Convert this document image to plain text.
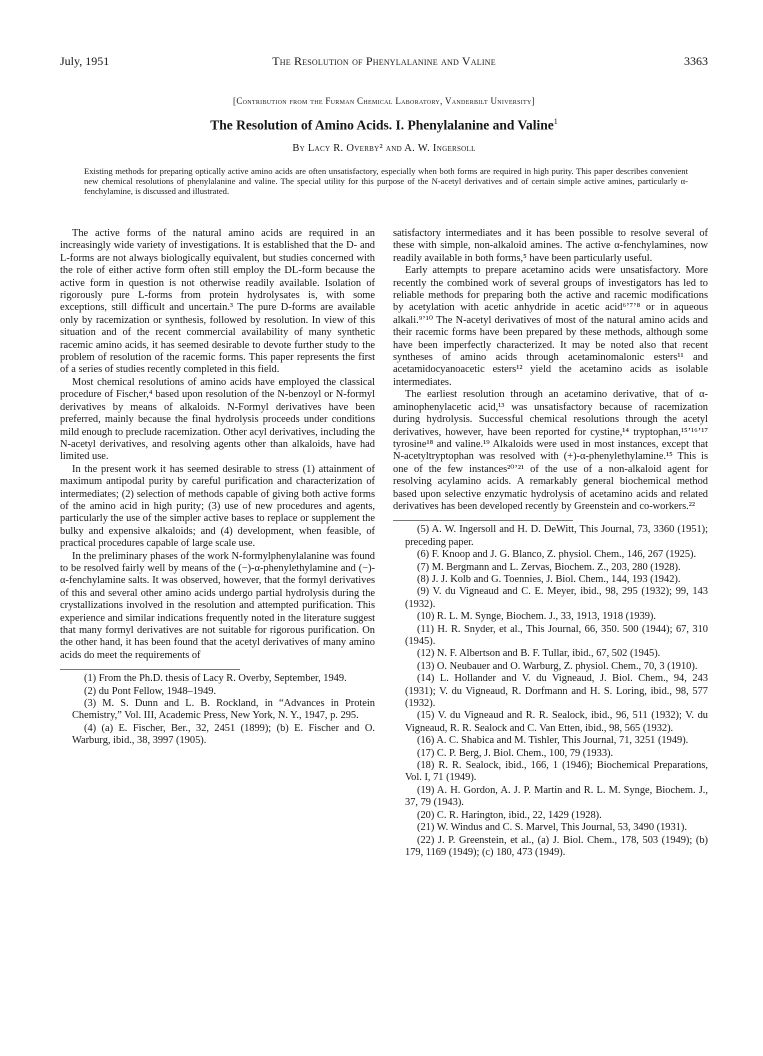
July, 1951	The Resolution of Phenylalanine and Valine	3363
[Contribution from the Furman Chemical Laboratory, Vanderbilt University]
The Resolution of Amino Acids. I. Phenylalanine and Valine$^1$
By Lacy R. Overby² and A. W. Ingersoll
Existing methods for preparing optically active amino acids are often unsatisfactory, especially when both forms are required in high purity. This paper describes convenient new chemical resolutions of phenylalanine and valine. The special utility for this purpose of the N-acetyl derivatives and of certain simple active amines, particularly α-fenchylamine, is discussed and illustrated.

The active forms of the natural amino acids are required in an increasingly wide variety of investigations. It is established that the D- and L-forms are not always biologically equivalent, but studies concerned with the role of either active form often still employ the DL-form because the active form in question is not otherwise readily available. Isolation of rigorously pure L-forms from protein hydrolysates is, with some exceptions, still difficult and uncertain.³ The pure D-forms are available only by racemization or synthesis, followed by resolution. In view of this situation and of the recent commercial availability of many synthetic racemic amino acids, it has seemed desirable to devote further study to the problem of resolution of the racemic forms. This paper represents the first of a series of studies recently completed in this field.

Most chemical resolutions of amino acids have employed the classical procedure of Fischer,⁴ based upon resolution of the N-benzoyl or N-formyl derivatives by means of alkaloids. N-Formyl derivatives have been preferred, mainly because the final hydrolysis proceeds under conditions mild enough to preclude racemization. Other acyl derivatives, including the N-acetyl derivatives, and resolving agents other than alkaloids, have had limited use.

In the present work it has seemed desirable to stress (1) attainment of maximum antipodal purity by careful purification and characterization of intermediates; (2) selection of methods capable of giving both active forms of the amino acid in high purity; (3) use of new procedures and agents, particularly the use of the simpler active bases to replace or supplement the bulky and expensive alkaloids; and (4) development, when feasible, of practical procedures capable of large scale use.

In the preliminary phases of the work N-formylphenylalanine was found to be resolved fairly well by means of the (−)-α-phenylethylamine and (−)-α-fenchylamine salts. It was observed, however, that the formyl derivatives of this and several other amino acids undergo partial hydrolysis during the crystallizations involved in the resolution and attempted purification. This experience and similar indications frequently noted in the literature suggest that many formyl derivatives are not suitable for rigorous purification. On the other hand, it has been found that the acetyl derivatives of many amino acids do meet the requirements of

(1) From the Ph.D. thesis of Lacy R. Overby, September, 1949.

(2) du Pont Fellow, 1948–1949.

(3) M. S. Dunn and L. B. Rockland, in “Advances in Protein Chemistry,” Vol. III, Academic Press, New York, N. Y., 1947, p. 295.

(4) (a) E. Fischer, Ber., 32, 2451 (1899); (b) E. Fischer and O. Warburg, ibid., 38, 3997 (1905).

satisfactory intermediates and it has been possible to resolve several of these with simple, non-alkaloid amines. The active α-fenchylamines, now readily available in both forms,⁵ have been particularly useful.

Early attempts to prepare acetamino acids were unsatisfactory. More recently the combined work of several groups of investigators has led to reliable methods for preparing both the active and racemic modifications by acetylation with acetic anhydride in acetic acid⁶ʼ⁷ʼ⁸ or in aqueous alkali.⁹ʼ¹⁰ The N-acetyl derivatives of most of the natural amino acids and their racemic forms have been prepared by these methods, although some have been imperfectly characterized. It may be noted also that recent syntheses of amino acids through acetaminomalonic esters¹¹ and acetamidocyanoacetic esters¹² yield the acetamino acids as isolable intermediates.

The earliest resolution through an acetamino derivative, that of α-aminophenylacetic acid,¹³ was unsatisfactory because of racemization during hydrolysis. Successful chemical resolutions through the acetyl derivatives, however, have been reported for cystine,¹⁴ tryptophan,¹⁵ʼ¹⁶ʼ¹⁷ tyrosine¹⁸ and valine.¹⁹ Alkaloids were used in most instances, except that N-acetyltryptophan was resolved with (+)-α-phenylethylamine.¹⁵ This is one of the few instances²⁰ʼ²¹ of the use of a non-alkaloid agent for resolving acylamino acids. A remarkably general biochemical method based upon selective enzymatic hydrolysis of acetamino acids and related derivatives has been developed recently by Greenstein and co-workers.²²

(5) A. W. Ingersoll and H. D. DeWitt, This Journal, 73, 3360 (1951); preceding paper.

(6) F. Knoop and J. G. Blanco, Z. physiol. Chem., 146, 267 (1925).

(7) M. Bergmann and L. Zervas, Biochem. Z., 203, 280 (1928).

(8) J. J. Kolb and G. Toennies, J. Biol. Chem., 144, 193 (1942).

(9) V. du Vigneaud and C. E. Meyer, ibid., 98, 295 (1932); 99, 143 (1932).

(10) R. L. M. Synge, Biochem. J., 33, 1913, 1918 (1939).

(11) H. R. Snyder, et al., This Journal, 66, 350. 500 (1944); 67, 310 (1945).

(12) N. F. Albertson and B. F. Tullar, ibid., 67, 502 (1945).

(13) O. Neubauer and O. Warburg, Z. physiol. Chem., 70, 3 (1910).

(14) L. Hollander and V. du Vigneaud, J. Biol. Chem., 94, 243 (1931); V. du Vigneaud, R. Dorfmann and H. S. Loring, ibid., 98, 577 (1932).

(15) V. du Vigneaud and R. R. Sealock, ibid., 96, 511 (1932); V. du Vigneaud, R. R. Sealock and C. Van Etten, ibid., 98, 565 (1932).

(16) A. C. Shabica and M. Tishler, This Journal, 71, 3251 (1949).

(17) C. P. Berg, J. Biol. Chem., 100, 79 (1933).

(18) R. R. Sealock, ibid., 166, 1 (1946); Biochemical Preparations, Vol. I, 71 (1949).

(19) A. H. Gordon, A. J. P. Martin and R. L. M. Synge, Biochem. J., 37, 79 (1943).

(20) C. R. Harington, ibid., 22, 1429 (1928).

(21) W. Windus and C. S. Marvel, This Journal, 53, 3490 (1931).

(22) J. P. Greenstein, et al., (a) J. Biol. Chem., 178, 503 (1949); (b) 179, 1169 (1949); (c) 180, 473 (1949).
